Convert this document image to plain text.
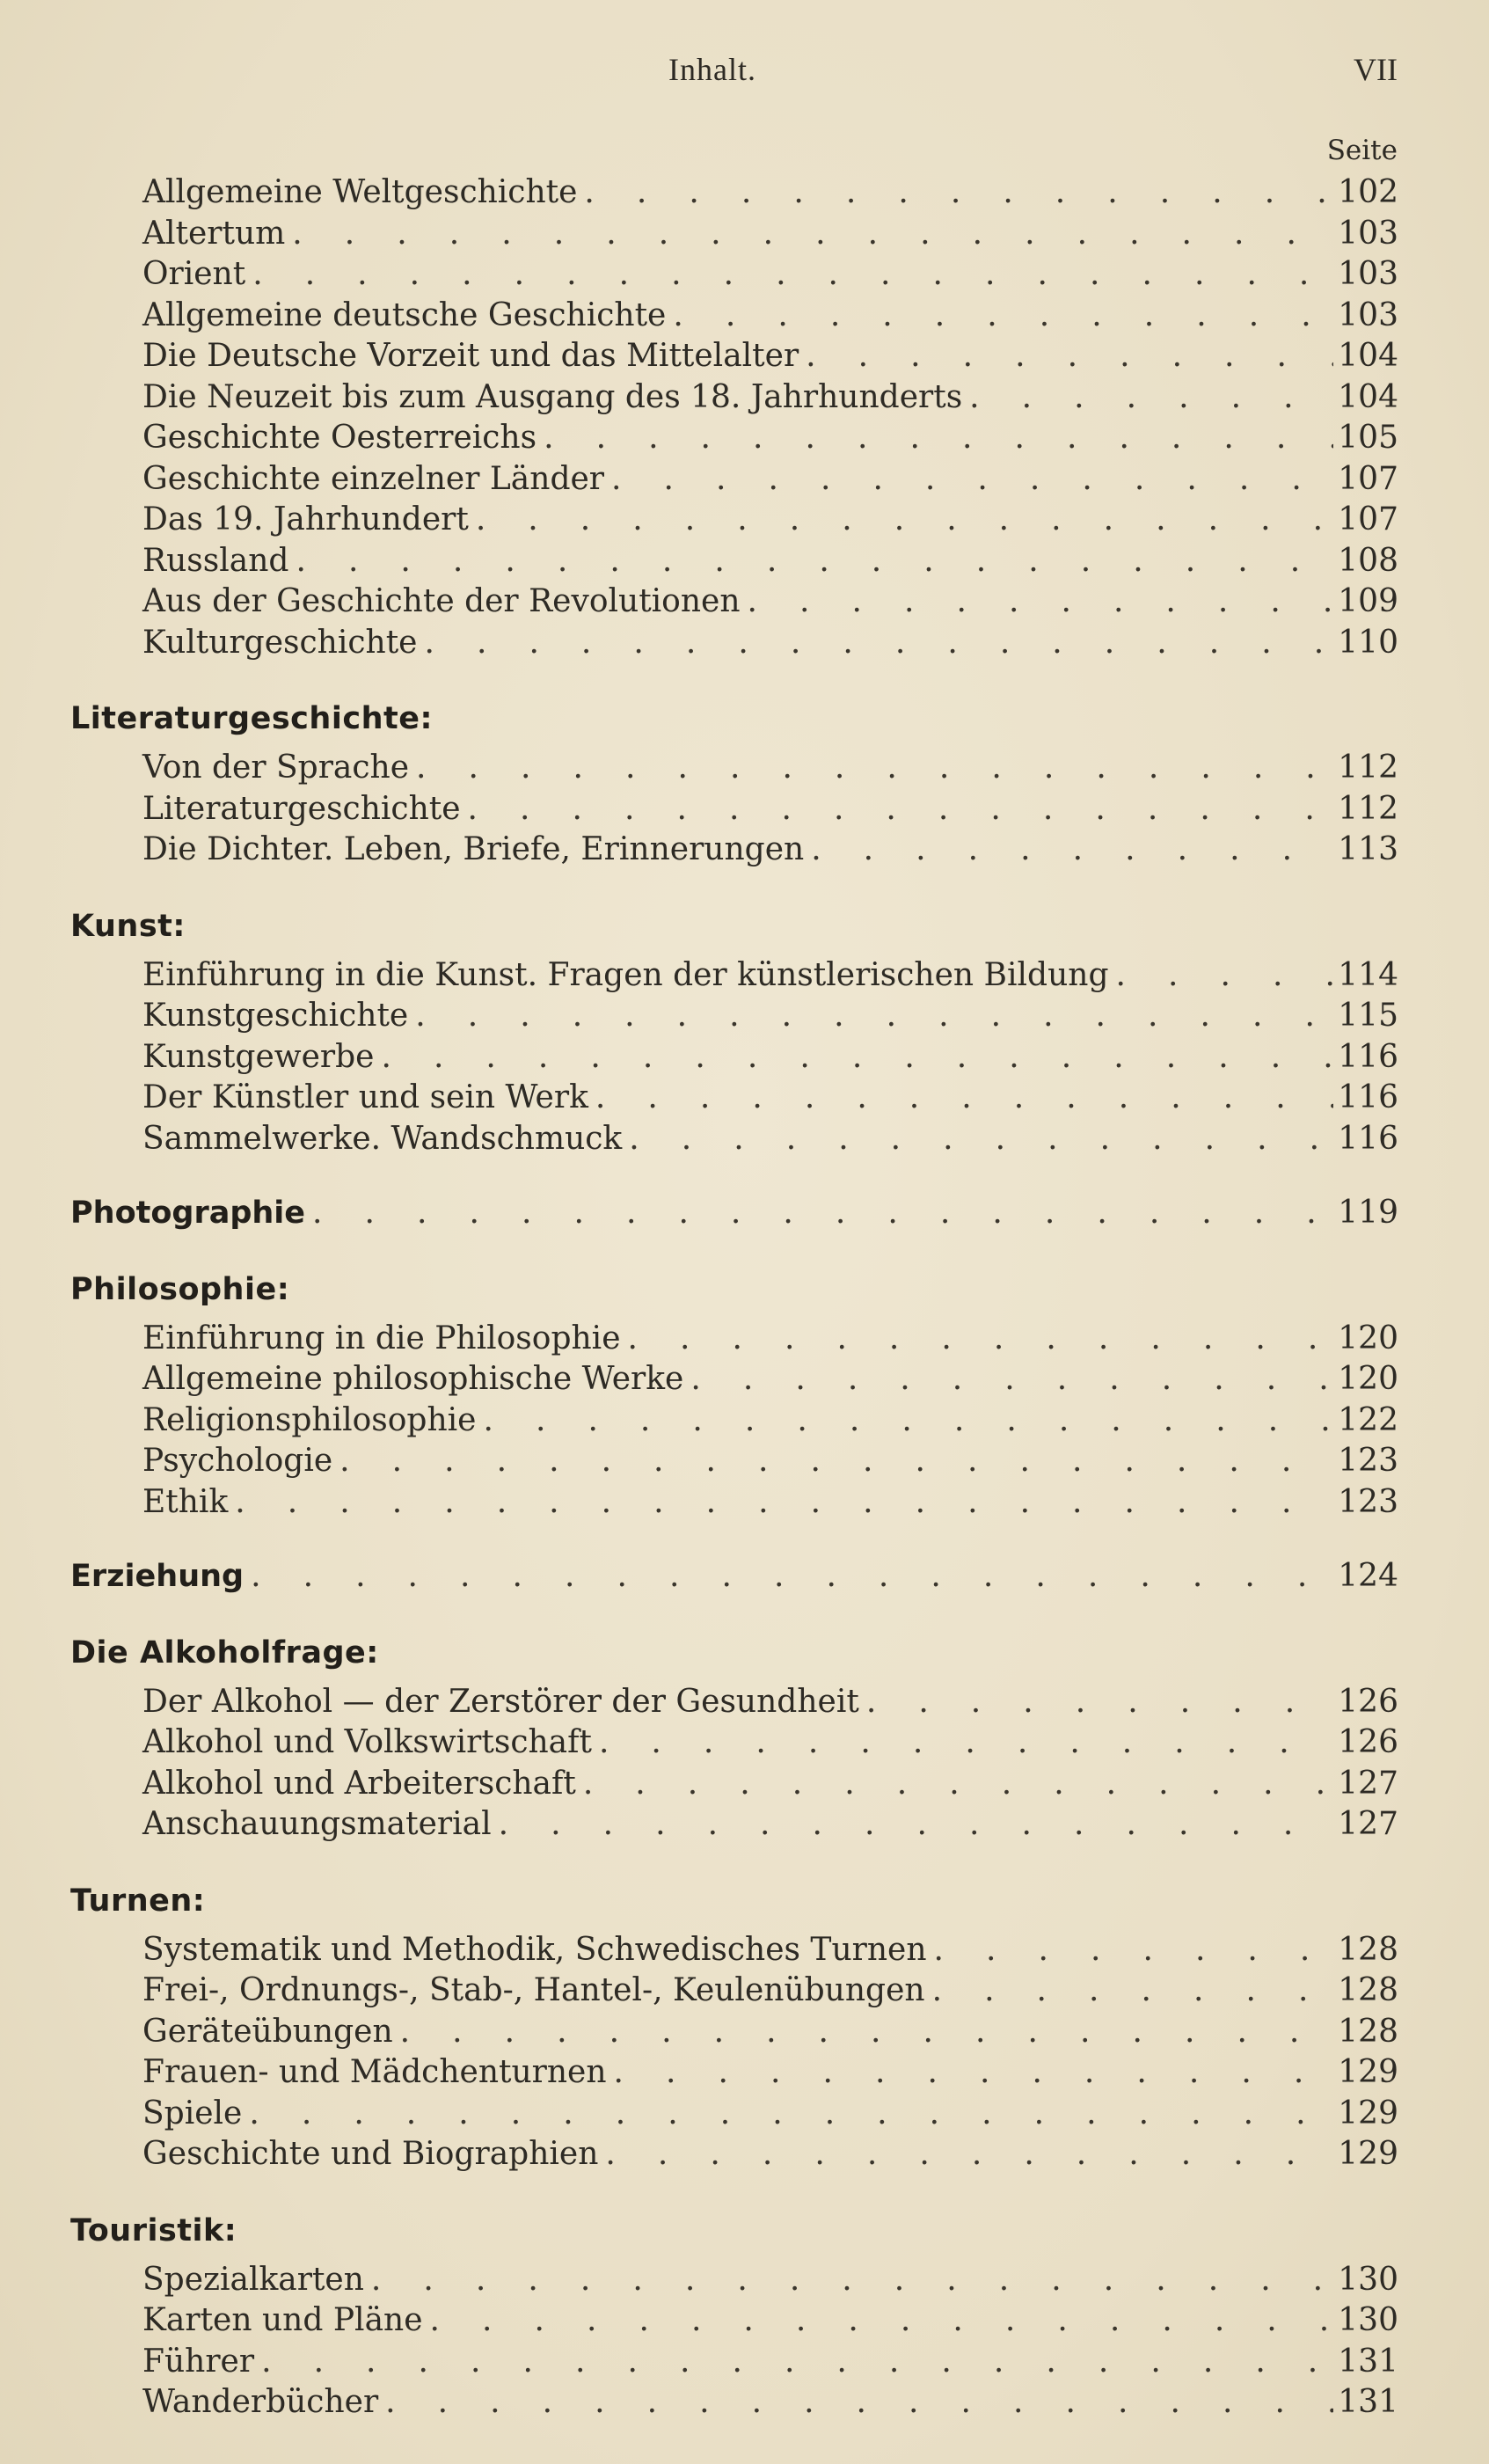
Inhalt.	VII
Seite
Allgemeine Weltgeschichte . . .	102
Altertum . . .	103
Orient . . .	103
Allgemeine deutsche Geschichte . . .	103
Die Deutsche Vorzeit und das Mittelalter . . .	104
Die Neuzeit bis zum Ausgang des 18. Jahrhunderts . . .	104
Geschichte Oesterreichs . . .	105
Geschichte einzelner Länder . . .	107
Das 19. Jahrhundert . . .	107
Russland . . .	108
Aus der Geschichte der Revolutionen . . .	109
Kulturgeschichte . . .	110
Literaturgeschichte:
Von der Sprache . . .	112
Literaturgeschichte . . .	112
Die Dichter. Leben, Briefe, Erinnerungen . . .	113
Kunst:
Einführung in die Kunst. Fragen der künstlerischen Bildung . . .	114
Kunstgeschichte . . .	115
Kunstgewerbe . . .	116
Der Künstler und sein Werk . . .	116
Sammelwerke. Wandschmuck . . .	116
Photographie . . .	119
Philosophie:
Einführung in die Philosophie . . .	120
Allgemeine philosophische Werke . . .	120
Religionsphilosophie . . .	122
Psychologie . . .	123
Ethik . . .	123
Erziehung . . .	124
Die Alkoholfrage:
Der Alkohol — der Zerstörer der Gesundheit . . .	126
Alkohol und Volkswirtschaft . . .	126
Alkohol und Arbeiterschaft . . .	127
Anschauungsmaterial . . .	127
Turnen:
Systematik und Methodik, Schwedisches Turnen . . .	128
Frei-, Ordnungs-, Stab-, Hantel-, Keulenübungen . . .	128
Geräteübungen . . .	128
Frauen- und Mädchenturnen . . .	129
Spiele . . .	129
Geschichte und Biographien . . .	129
Touristik:
Spezialkarten . . .	130
Karten und Pläne . . .	130
Führer . . .	131
Wanderbücher . . .	131
